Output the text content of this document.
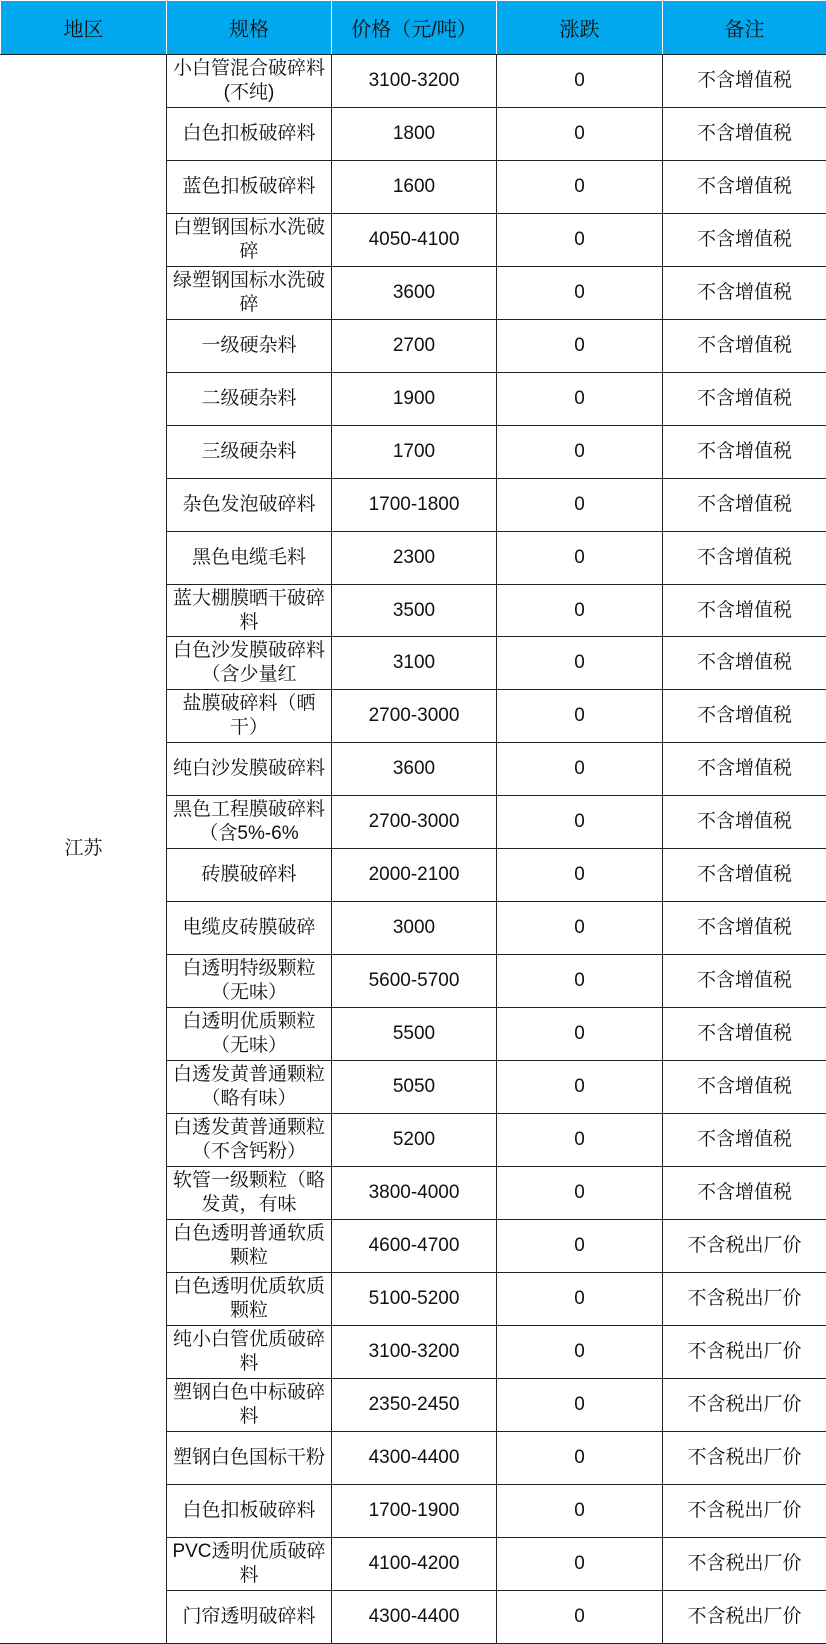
地区	规格	价格（元/吨）	涨跌	备注
江苏	小白管混合破碎料(不纯)	3100-3200	0	不含增值税

	白色扣板破碎料	1800	0	不含增值税

	蓝色扣板破碎料	1600	0	不含增值税

	白塑钢国标水洗破碎	4050-4100	0	不含增值税

	绿塑钢国标水洗破碎	3600	0	不含增值税

	一级硬杂料	2700	0	不含增值税

	二级硬杂料	1900	0	不含增值税

	三级硬杂料	1700	0	不含增值税

	杂色发泡破碎料	1700-1800	0	不含增值税

	黑色电缆毛料	2300	0	不含增值税

	蓝大棚膜晒干破碎料	3500	0	不含增值税

	白色沙发膜破碎料（含少量红	3100	0	不含增值税

	盐膜破碎料（晒干）	2700-3000	0	不含增值税

	纯白沙发膜破碎料	3600	0	不含增值税

	黑色工程膜破碎料（含5%-6%	2700-3000	0	不含增值税

	砖膜破碎料	2000-2100	0	不含增值税

	电缆皮砖膜破碎	3000	0	不含增值税

	白透明特级颗粒（无味）	5600-5700	0	不含增值税

	白透明优质颗粒（无味）	5500	0	不含增值税

	白透发黄普通颗粒（略有味）	5050	0	不含增值税

	白透发黄普通颗粒（不含钙粉）	5200	0	不含增值税

	软管一级颗粒（略发黄，有味	3800-4000	0	不含增值税

	白色透明普通软质颗粒	4600-4700	0	不含税出厂价

	白色透明优质软质颗粒	5100-5200	0	不含税出厂价

	纯小白管优质破碎料	3100-3200	0	不含税出厂价

	塑钢白色中标破碎料	2350-2450	0	不含税出厂价

	塑钢白色国标干粉	4300-4400	0	不含税出厂价

	白色扣板破碎料	1700-1900	0	不含税出厂价

	PVC透明优质破碎料	4100-4200	0	不含税出厂价

	门帘透明破碎料	4300-4400	0	不含税出厂价
